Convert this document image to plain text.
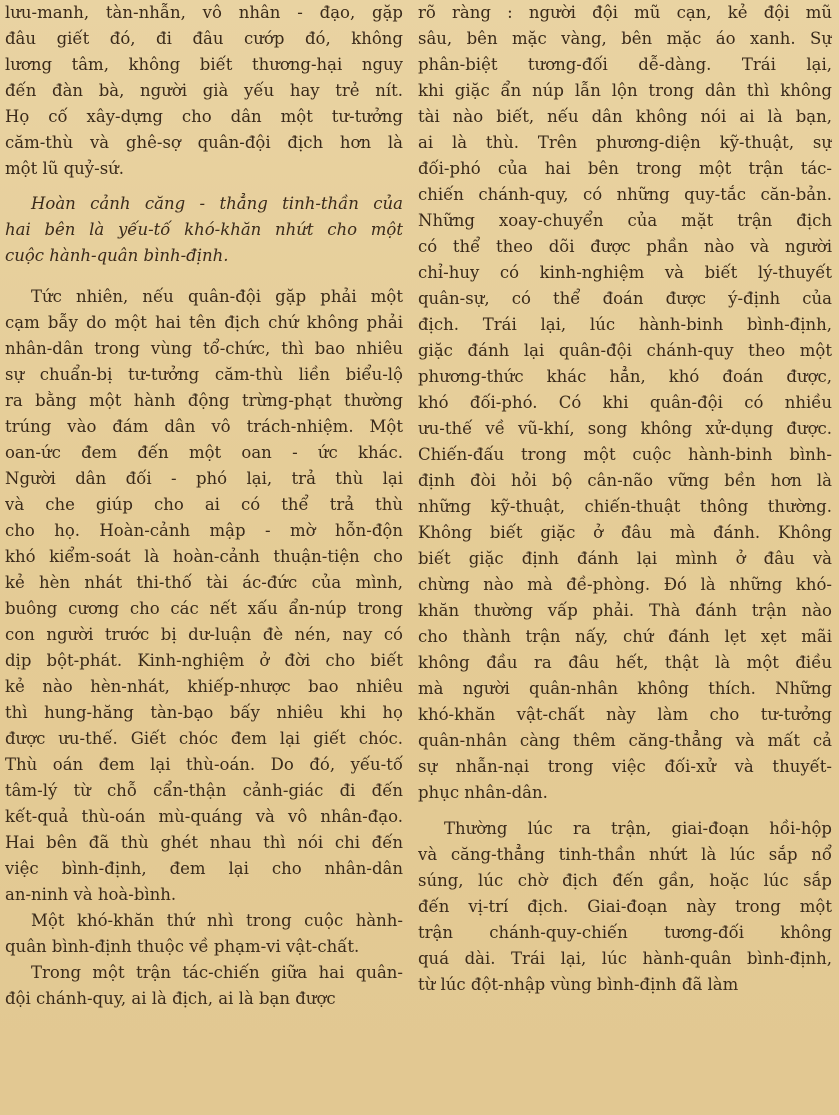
lưu-manh, tàn-nhẫn, vô nhân - đạo, gặp
đâu giết đó, đi đâu cướp đó, không
lương tâm, không biết thương-hại nguy
đến đàn bà, người già yếu hay trẻ nít.
Họ cố xây-dựng cho dân một tư-tưởng
căm-thù và ghê-sợ quân-đội địch hơn là
một lũ quỷ-sứ.
Hoàn cảnh căng - thẳng tinh-thần của
hai bên là yếu-tố khó-khăn nhứt cho một
cuộc hành-quân bình-định.
Tức nhiên, nếu quân-đội gặp phải một
cạm bẫy do một hai tên địch chứ không phải
nhân-dân trong vùng tổ-chức, thì bao nhiêu
sự chuẩn-bị tư-tưởng căm-thù liền biểu-lộ
ra bằng một hành động trừng-phạt thường
trúng vào đám dân vô trách-nhiệm. Một
oan-ức đem đến một oan - ức khác.
Người dân đối - phó lại, trả thù lại
và che giúp cho ai có thể trả thù
cho họ. Hoàn-cảnh mập - mờ hỗn-độn
khó kiểm-soát là hoàn-cảnh thuận-tiện cho
kẻ hèn nhát thi-thố tài ác-đức của mình,
buông cương cho các nết xấu ẩn-núp trong
con người trước bị dư-luận đè nén, nay có
dịp bột-phát. Kinh-nghiệm ở đời cho biết
kẻ nào hèn-nhát, khiếp-nhược bao nhiêu
thì hung-hăng tàn-bạo bấy nhiêu khi họ
được ưu-thế. Giết chóc đem lại giết chóc.
Thù oán đem lại thù-oán. Do đó, yếu-tố
tâm-lý từ chỗ cẩn-thận cảnh-giác đi đến
kết-quả thù-oán mù-quáng và vô nhân-đạo.
Hai bên đã thù ghét nhau thì nói chi đến
việc bình-định, đem lại cho nhân-dân
an-ninh và hoà-bình.
Một khó-khăn thứ nhì trong cuộc hành-
quân bình-định thuộc về phạm-vi vật-chất.
Trong một trận tác-chiến giữa hai quân-
đội chánh-quy, ai là địch, ai là bạn được
rõ ràng : người đội mũ cạn, kẻ đội mũ
sâu, bên mặc vàng, bên mặc áo xanh. Sự
phân-biệt tương-đối dễ-dàng. Trái lại,
khi giặc ẩn núp lẫn lộn trong dân thì không
tài nào biết, nếu dân không nói ai là bạn,
ai là thù. Trên phương-diện kỹ-thuật, sự
đối-phó của hai bên trong một trận tác-
chiến chánh-quy, có những quy-tắc căn-bản.
Những xoay-chuyển của mặt trận địch
có thể theo dõi được phần nào và người
chỉ-huy có kinh-nghiệm và biết lý-thuyết
quân-sự, có thể đoán được ý-định của
địch. Trái lại, lúc hành-binh bình-định,
giặc đánh lại quân-đội chánh-quy theo một
phương-thức khác hẳn, khó đoán được,
khó đối-phó. Có khi quân-đội có nhiều
ưu-thế về vũ-khí, song không xử-dụng được.
Chiến-đấu trong một cuộc hành-binh bình-
định đòi hỏi bộ cân-não vững bền hơn là
những kỹ-thuật, chiến-thuật thông thường.
Không biết giặc ở đâu mà đánh. Không
biết giặc định đánh lại mình ở đâu và
chừng nào mà đề-phòng. Đó là những khó-
khăn thường vấp phải. Thà đánh trận nào
cho thành trận nấy, chứ đánh lẹt xẹt mãi
không đầu ra đâu hết, thật là một điều
mà người quân-nhân không thích. Những
khó-khăn vật-chất này làm cho tư-tưởng
quân-nhân càng thêm căng-thẳng và mất cả
sự nhẫn-nại trong việc đối-xử và thuyết-
phục nhân-dân.
Thường lúc ra trận, giai-đoạn hồi-hộp
và căng-thẳng tinh-thần nhứt là lúc sắp nổ
súng, lúc chờ địch đến gần, hoặc lúc sắp
đến vị-trí địch. Giai-đoạn này trong một
trận chánh-quy-chiến tương-đối không
quá dài. Trái lại, lúc hành-quân bình-định,
từ lúc đột-nhập vùng bình-định đã làm
